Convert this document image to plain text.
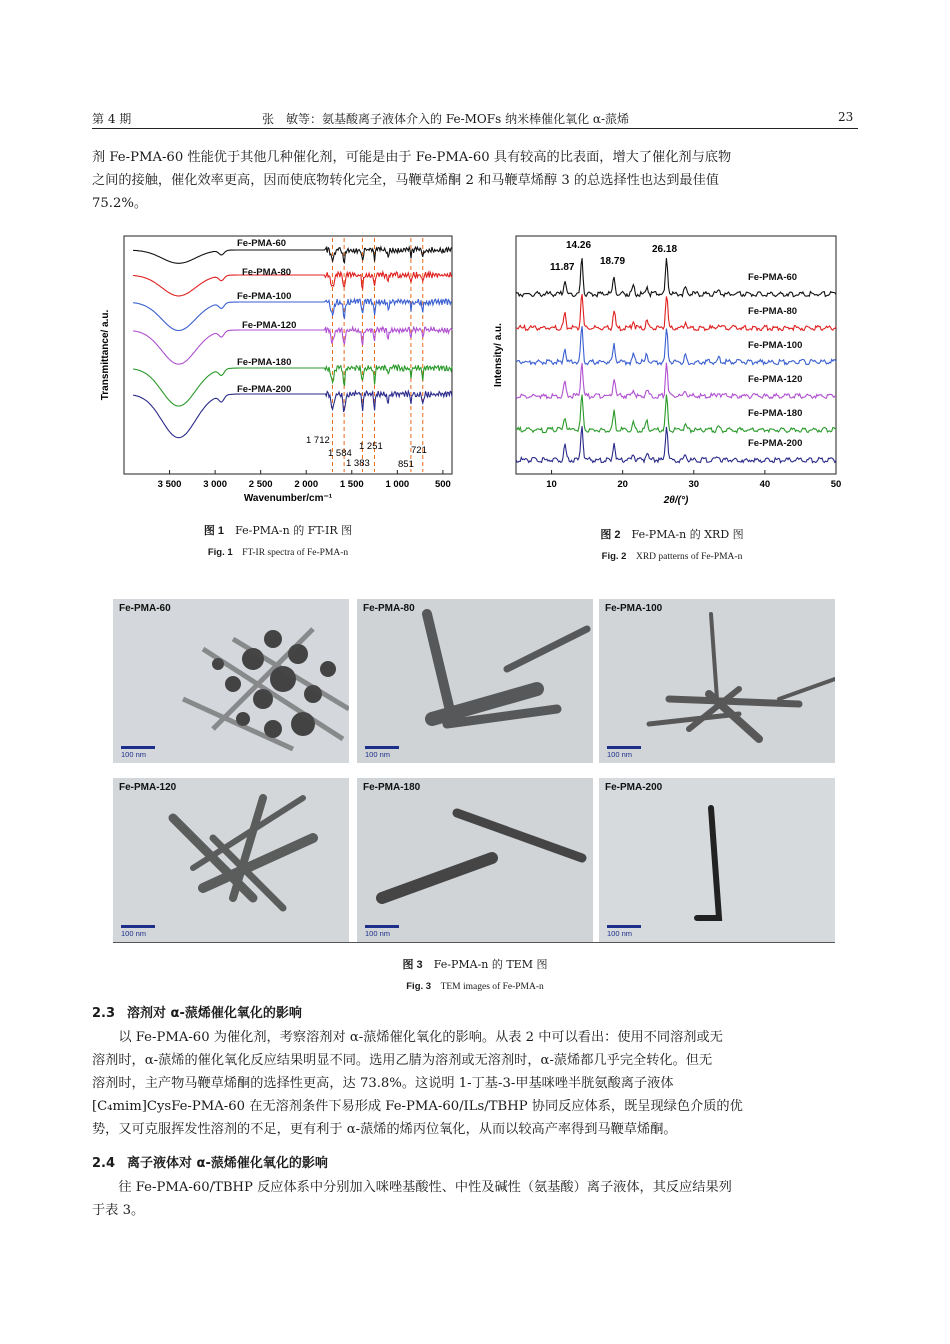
第 4 期	张　敏等：氨基酸离子液体介入的 Fe-MOFs 纳米棒催化氧化 α-蒎烯	23
剂 Fe-PMA-60 性能优于其他几种催化剂，可能是由于 Fe-PMA-60 具有较高的比表面，增大了催化剂与底物
之间的接触，催化效率更高，因而使底物转化完全，马鞭草烯酮 2 和马鞭草烯醇 3 的总选择性也达到最佳值
75.2%。
Fe-PMA-60
Fe-PMA-80
Fe-PMA-100
Fe-PMA-120
Fe-PMA-180
Fe-PMA-200
3 500 3 000 2 500 2 000 1 500 1 000	500
1 712
1 584
1 251
1 383
721
851
Wavenumber/cm⁻¹
Transmittance/ a.u.
图 1　 Fe-PMA-n 的 FT-IR 图
Fig. 1　 FT-IR spectra of Fe-PMA-n
Fe-PMA-60
Fe-PMA-80
Fe-PMA-100
Fe-PMA-120
Fe-PMA-180
Fe-PMA-200
10	20	30	40	50
14.26
11.87
18.79
26.18
2θ/(°)
Intensity/ a.u.
图 2　 Fe-PMA-n 的 XRD 图
Fig. 2　 XRD patterns of Fe-PMA-n
Fe-PMA-60
100 nm
Fe-PMA-80
100 nm
Fe-PMA-100
100 nm
Fe-PMA-120
100 nm
Fe-PMA-180
100 nm
Fe-PMA-200
100 nm
图 3　 Fe-PMA-n 的 TEM 图
Fig. 3　 TEM images of Fe-PMA-n
2.3 溶剂对 α-蒎烯催化氧化的影响
　　以 Fe-PMA-60 为催化剂，考察溶剂对 α-蒎烯催化氧化的影响。从表 2 中可以看出：使用不同溶剂或无
溶剂时，α-蒎烯的催化氧化反应结果明显不同。选用乙腈为溶剂或无溶剂时，α-蒎烯都几乎完全转化。但无
溶剂时，主产物马鞭草烯酮的选择性更高，达 73.8%。这说明 1-丁基-3-甲基咪唑半胱氨酸离子液体
[C₄mim]CysFe-PMA-60 在无溶剂条件下易形成 Fe-PMA-60/ILs/TBHP 协同反应体系，既呈现绿色介质的优
势，又可克服挥发性溶剂的不足，更有利于 α-蒎烯的烯丙位氧化，从而以较高产率得到马鞭草烯酮。
2.4 离子液体对 α-蒎烯催化氧化的影响
　　往 Fe-PMA-60/TBHP 反应体系中分别加入咪唑基酸性、中性及碱性（氨基酸）离子液体，其反应结果列
于表 3。
